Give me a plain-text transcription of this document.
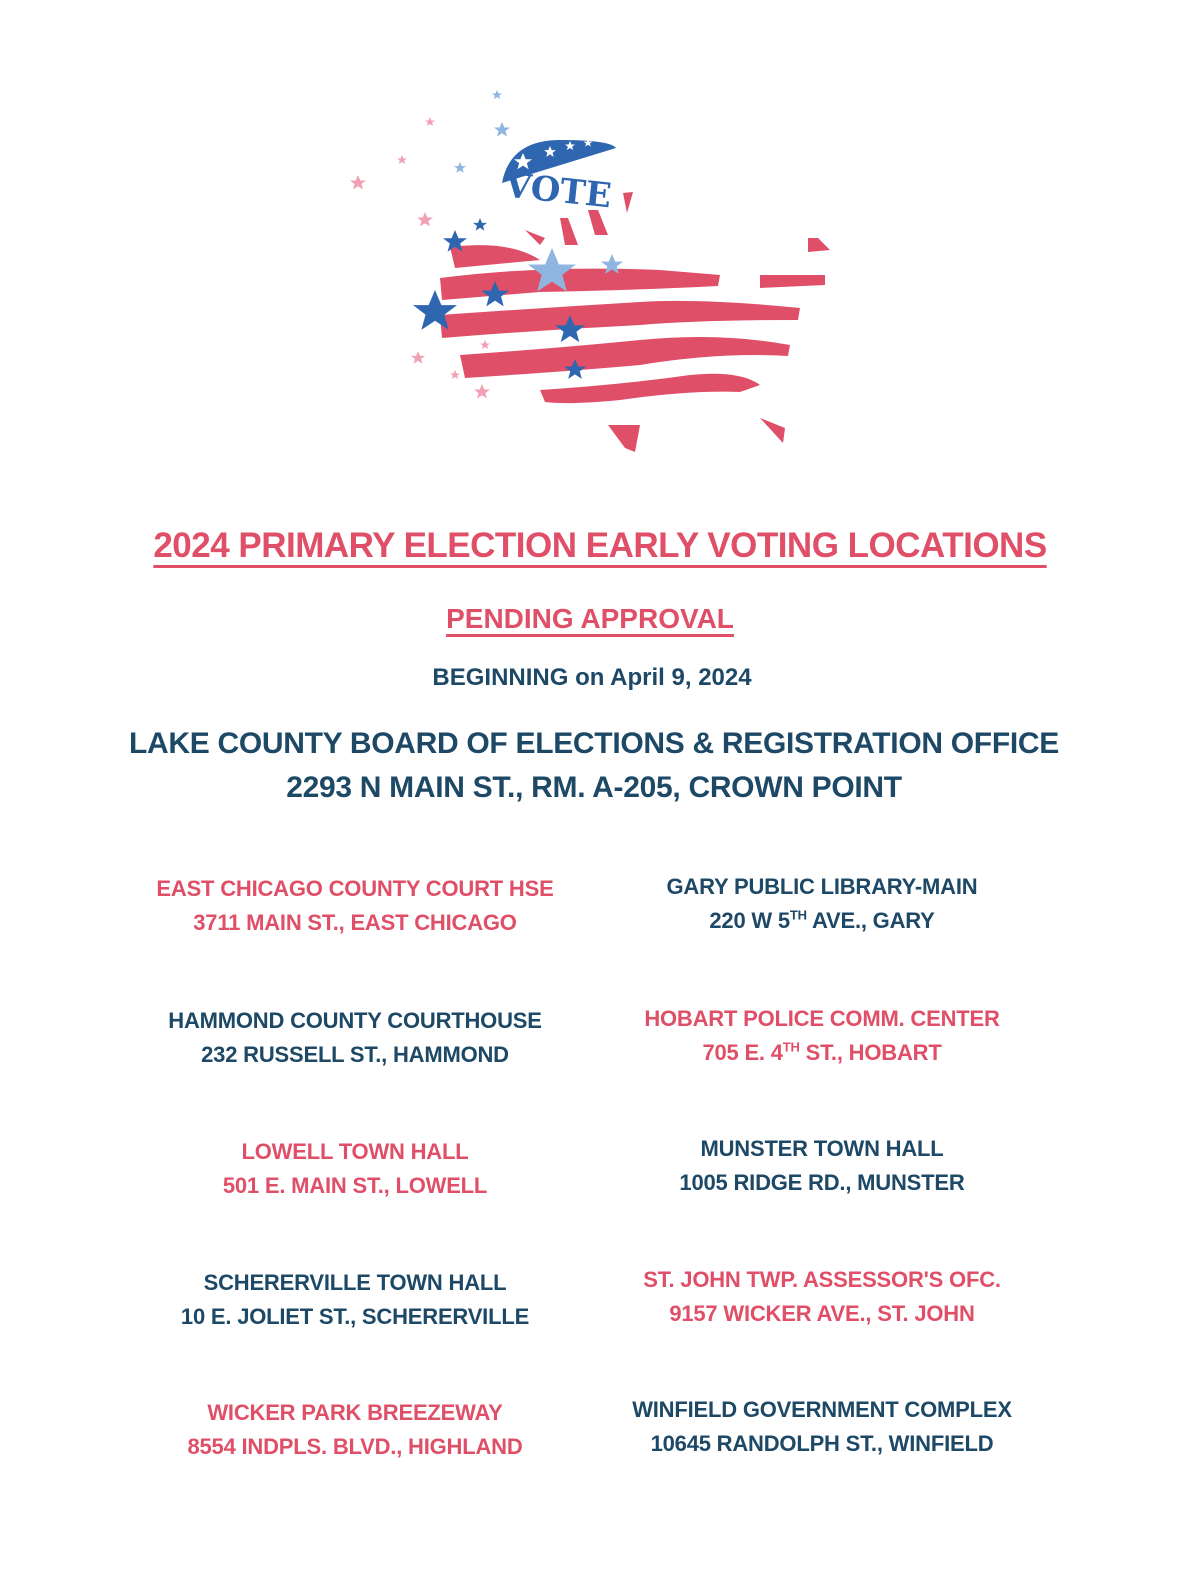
VOTE
2024 PRIMARY ELECTION EARLY VOTING LOCATIONS
PENDING APPROVAL
BEGINNING on April 9, 2024
LAKE COUNTY BOARD OF ELECTIONS & REGISTRATION OFFICE
2293 N MAIN ST., RM. A-205, CROWN POINT
EAST CHICAGO COUNTY COURT HSE
3711 MAIN ST., EAST CHICAGO
GARY PUBLIC LIBRARY-MAIN
220 W 5TH AVE., GARY
HAMMOND COUNTY COURTHOUSE
232 RUSSELL ST., HAMMOND
HOBART POLICE COMM. CENTER
705 E. 4TH ST., HOBART
LOWELL TOWN HALL
501 E. MAIN ST., LOWELL
MUNSTER TOWN HALL
1005 RIDGE RD., MUNSTER
SCHERERVILLE TOWN HALL
10 E. JOLIET ST., SCHERERVILLE
ST. JOHN TWP. ASSESSOR'S OFC.
9157 WICKER AVE., ST. JOHN
WICKER PARK BREEZEWAY
8554 INDPLS. BLVD., HIGHLAND
WINFIELD GOVERNMENT COMPLEX
10645 RANDOLPH ST., WINFIELD
